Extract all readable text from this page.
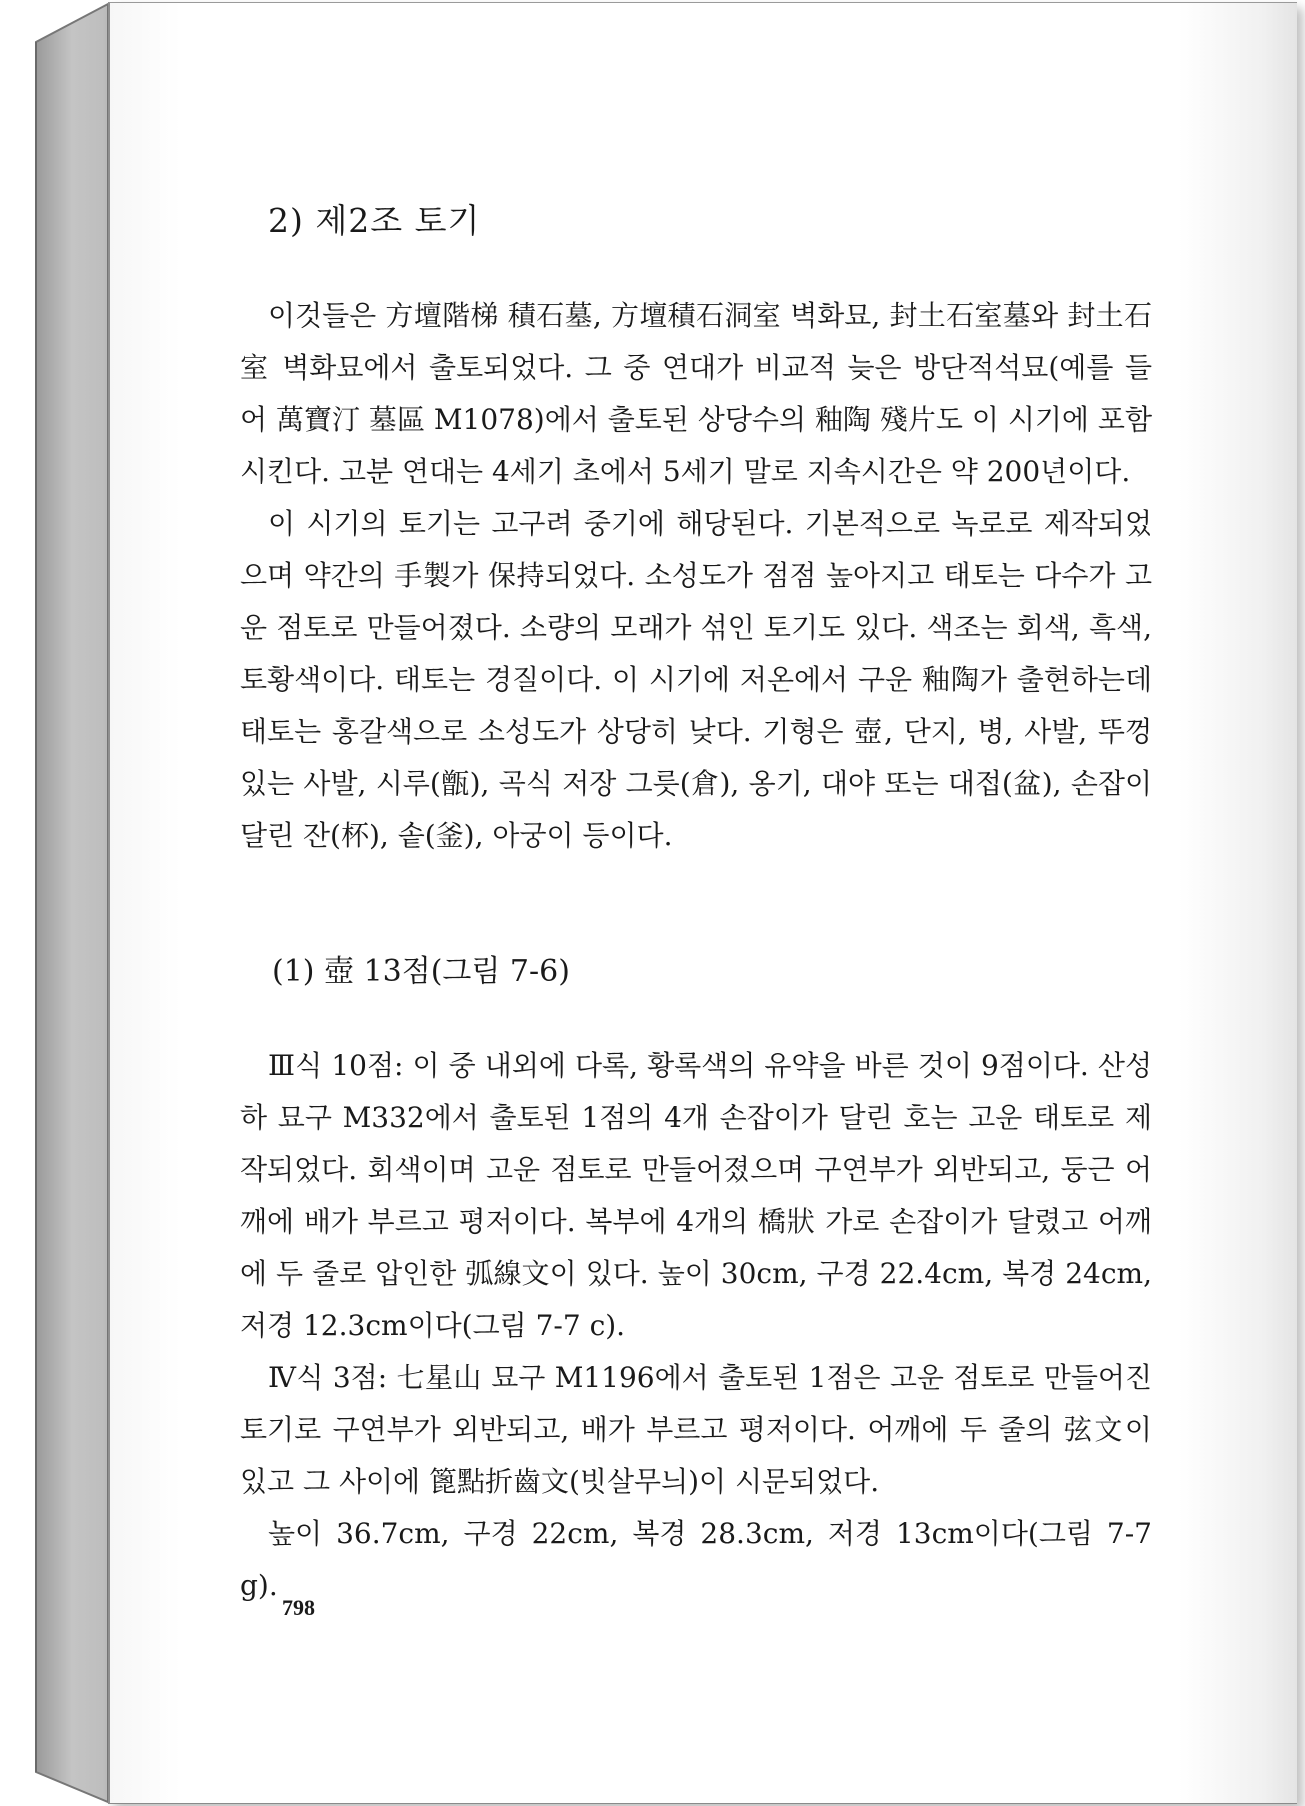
2) 제2조 토기

이것들은 方壇階梯 積石墓, 方壇積石洞室 벽화묘, 封土石室墓와 封土石室 벽화묘에서 출토되었다. 그 중 연대가 비교적 늦은 방단적석묘(예를 들어 萬寶汀 墓區 M1078)에서 출토된 상당수의 釉陶 殘片도 이 시기에 포함시킨다. 고분 연대는 4세기 초에서 5세기 말로 지속시간은 약 200년이다.

이 시기의 토기는 고구려 중기에 해당된다. 기본적으로 녹로로 제작되었으며 약간의 手製가 保持되었다. 소성도가 점점 높아지고 태토는 다수가 고운 점토로 만들어졌다. 소량의 모래가 섞인 토기도 있다. 색조는 회색, 흑색, 토황색이다. 태토는 경질이다. 이 시기에 저온에서 구운 釉陶가 출현하는데 태토는 홍갈색으로 소성도가 상당히 낮다. 기형은 壺, 단지, 병, 사발, 뚜껑 있는 사발, 시루(甑), 곡식 저장 그릇(倉), 옹기, 대야 또는 대접(盆), 손잡이 달린 잔(杯), 솥(釜), 아궁이 등이다.

(1) 壺 13점(그림 7-6)

Ⅲ식 10점: 이 중 내외에 다록, 황록색의 유약을 바른 것이 9점이다. 산성하 묘구 M332에서 출토된 1점의 4개 손잡이가 달린 호는 고운 태토로 제작되었다. 회색이며 고운 점토로 만들어졌으며 구연부가 외반되고, 둥근 어깨에 배가 부르고 평저이다. 복부에 4개의 橋狀 가로 손잡이가 달렸고 어깨에 두 줄로 압인한 弧線文이 있다. 높이 30cm, 구경 22.4cm, 복경 24cm, 저경 12.3cm이다(그림 7-7 c).

Ⅳ식 3점: 七星山 묘구 M1196에서 출토된 1점은 고운 점토로 만들어진 토기로 구연부가 외반되고, 배가 부르고 평저이다. 어깨에 두 줄의 弦文이 있고 그 사이에 篦點折齒文(빗살무늬)이 시문되었다.

높이 36.7cm, 구경 22cm, 복경 28.3cm, 저경 13cm이다(그림 7-7 g).

798
